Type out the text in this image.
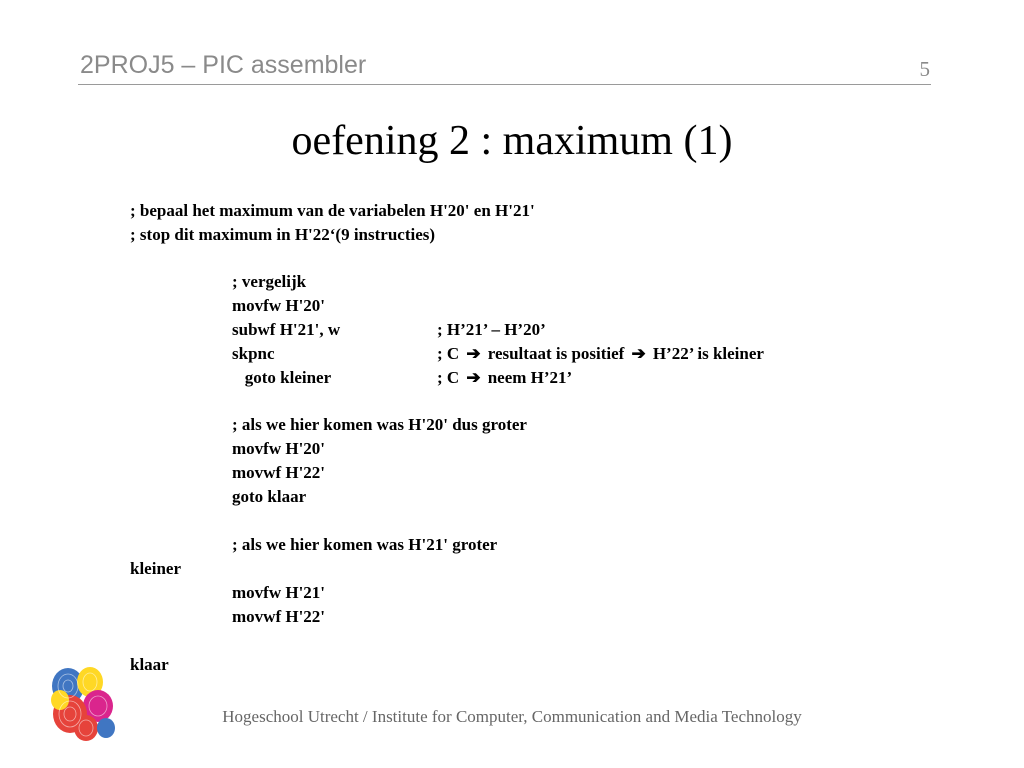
2PROJ5 – PIC assembler	5
oefening 2 : maximum (1)
; bepaal het maximum van de variabelen H'20' en H'21'
; stop dit maximum in H'22‘(9 instructies)
; vergelijk
movfw H'20'
subwf H'21', w	; H’21’ – H’20’
skpnc	; C ➔ resultaat is positief ➔ H’22’ is kleiner
goto kleiner	; C ➔ neem H’21’
; als we hier komen was H'20' dus groter
movfw H'20'
movwf H'22'
goto klaar
; als we hier komen was H'21' groter
kleiner
movfw H'21'
movwf H'22'
klaar
Hogeschool Utrecht / Institute for Computer, Communication and Media Technology
